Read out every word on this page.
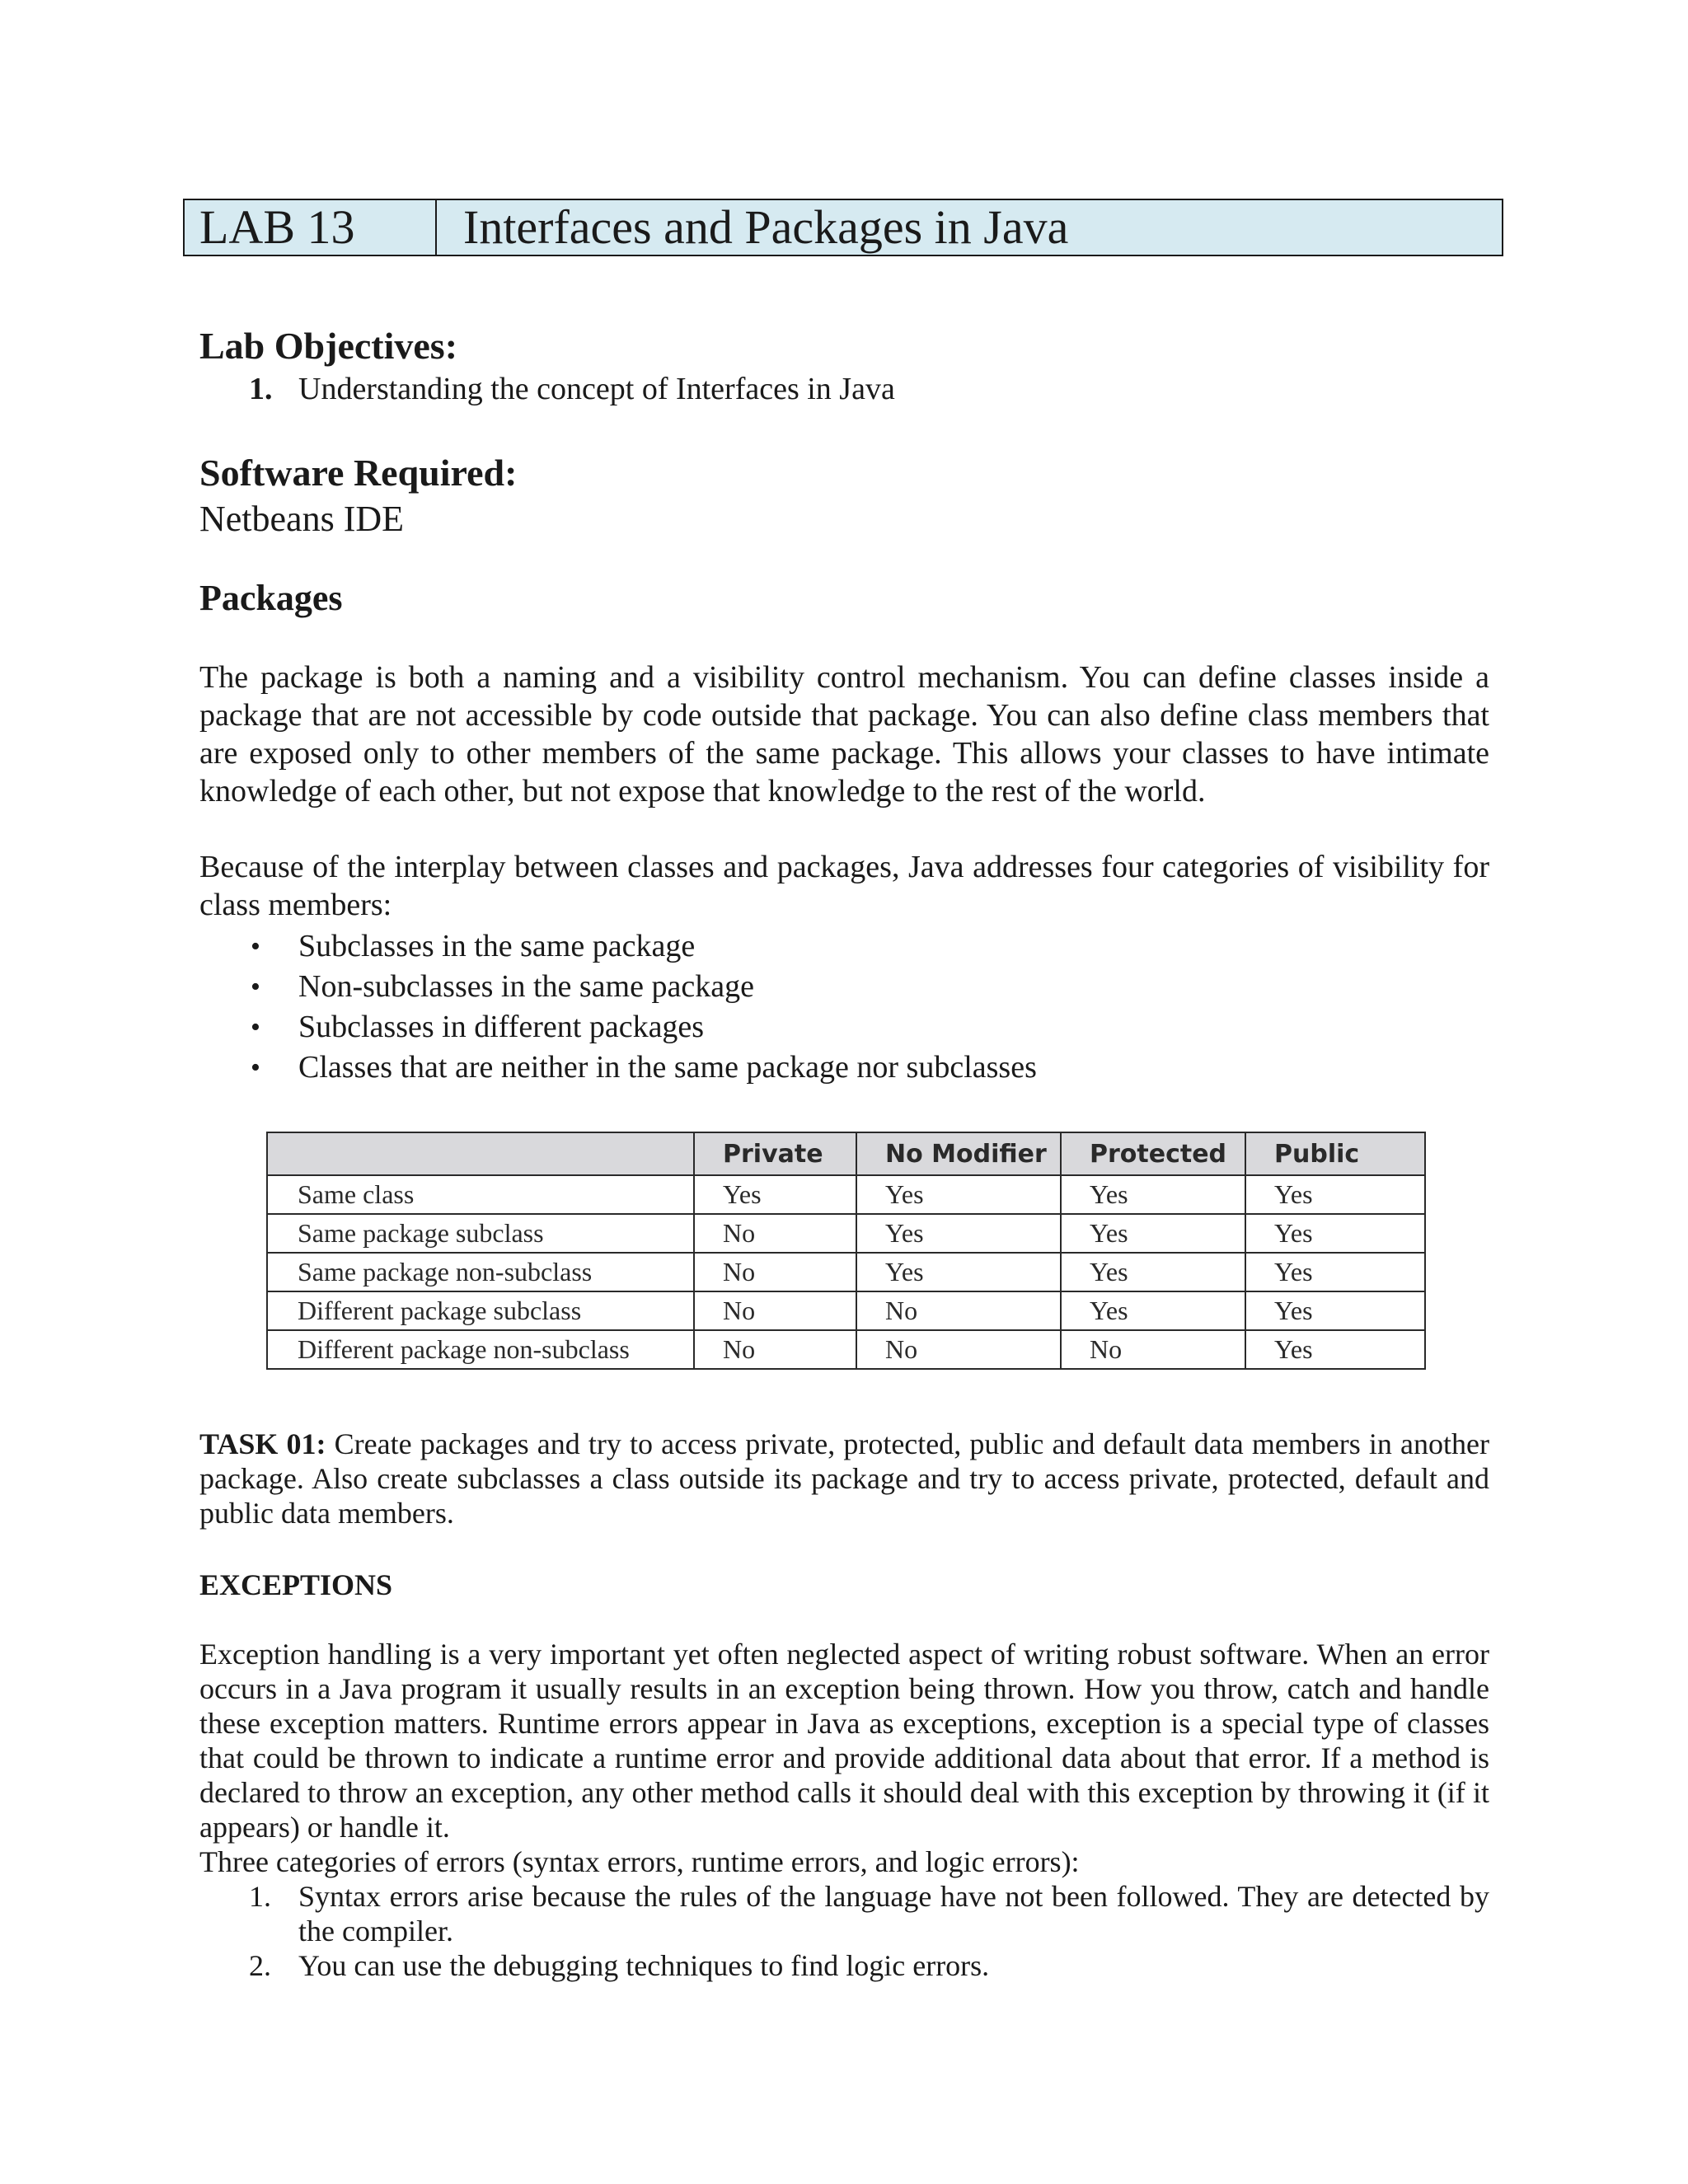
LAB 13	Interfaces and Packages in Java
Lab Objectives:
1. Understanding the concept of Interfaces in Java
Software Required:

Netbeans IDE

Packages

The package is both a naming and a visibility control mechanism. You can define classes inside a package that are not accessible by code outside that package. You can also define class members that are exposed only to other members of the same package. This allows your classes to have intimate knowledge of each other, but not expose that knowledge to the rest of the world.

Because of the interplay between classes and packages, Java addresses four categories of visibility for class members:

• Subclasses in the same package
• Non-subclasses in the same package
• Subclasses in different packages
• Classes that are neither in the same package nor subclasses
	Private	No Modifier	Protected	Public
Same class	Yes	Yes	Yes	Yes
Same package subclass	No	Yes	Yes	Yes
Same package non-subclass	No	Yes	Yes	Yes
Different package subclass	No	No	Yes	Yes
Different package non-subclass	No	No	No	Yes

TASK 01: Create packages and try to access private, protected, public and default data members in another package. Also create subclasses a class outside its package and try to access private, protected, default and public data members.

EXCEPTIONS

Exception handling is a very important yet often neglected aspect of writing robust software. When an error occurs in a Java program it usually results in an exception being thrown. How you throw, catch and handle these exception matters. Runtime errors appear in Java as exceptions, exception is a special type of classes that could be thrown to indicate a runtime error and provide additional data about that error. If a method is declared to throw an exception, any other method calls it should deal with this exception by throwing it (if it appears) or handle it.

Three categories of errors (syntax errors, runtime errors, and logic errors):

1. Syntax errors arise because the rules of the language have not been followed. They are detected by the compiler.
2. You can use the debugging techniques to find logic errors.
